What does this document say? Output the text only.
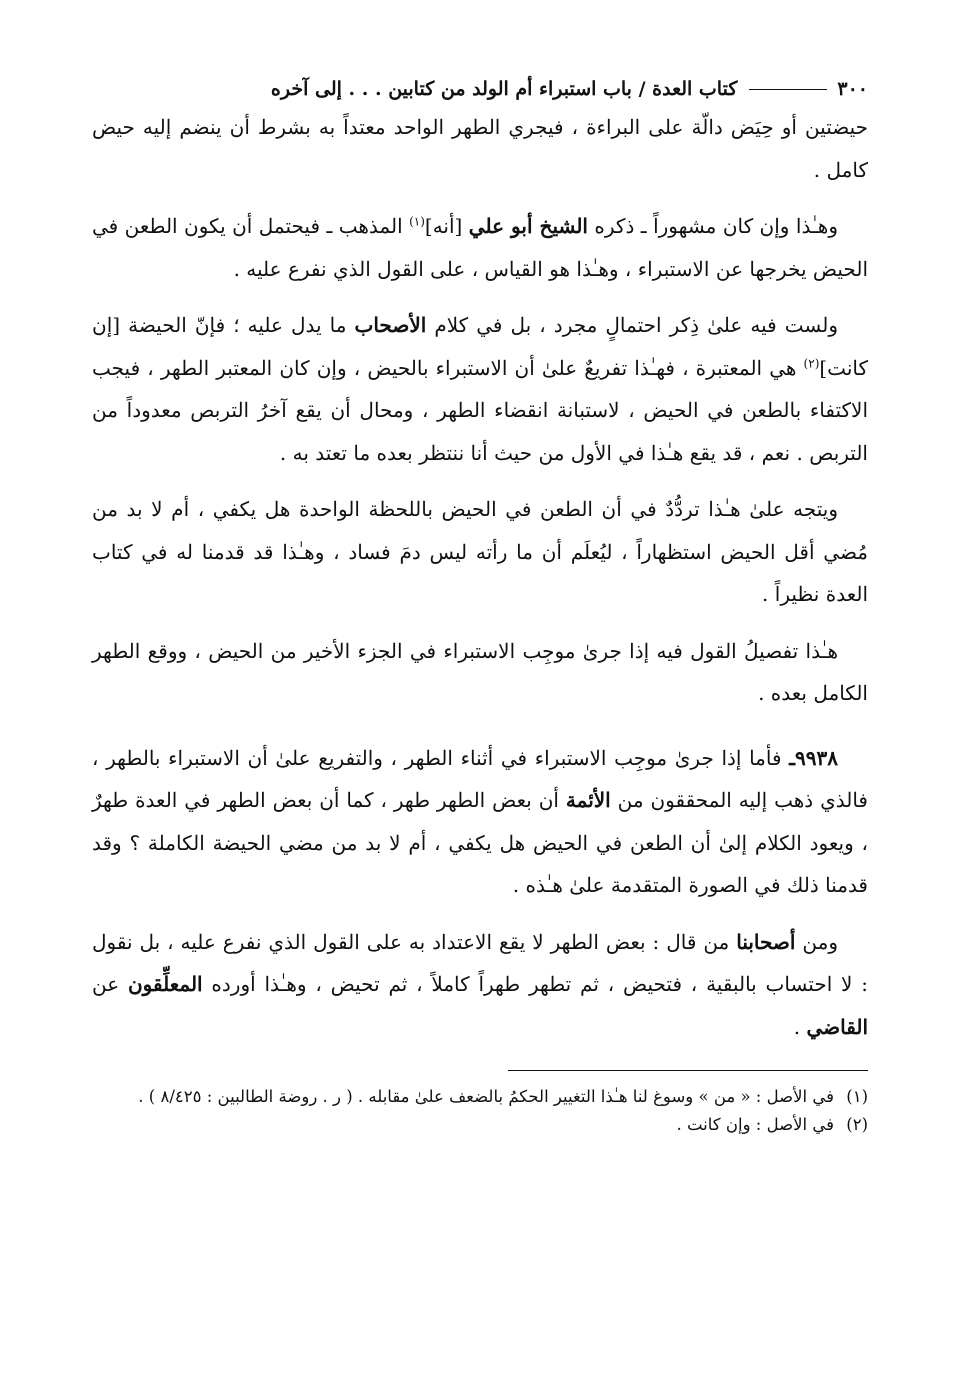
٣٠٠
كتاب العدة / باب استبراء أم الولد من كتابين . . . إلى آخره

حيضتين أو حِيَض دالّة على البراءة ، فيجري الطهر الواحد معتداً به بشرط أن ينضم إليه حيض كامل .

وهـٰذا وإن كان مشهوراً ـ ذكره الشيخ أبو علي [أنه]$^{(١)}$ المذهب ـ فيحتمل أن يكون الطعن في الحيض يخرجها عن الاستبراء ، وهـٰذا هو القياس ، على القول الذي نفرع عليه .

ولست فيه علىٰ ذِكر احتمالٍ مجرد ، بل في كلام الأصحاب ما يدل عليه ؛ فإنّ الحيضة [إن كانت]$^{(٢)}$ هي المعتبرة ، فهـٰذا تفريعٌ علىٰ أن الاستبراء بالحيض ، وإن كان المعتبر الطهر ، فيجب الاكتفاء بالطعن في الحيض ، لاستبانة انقضاء الطهر ، ومحال أن يقع آخرُ التربص معدوداً من التربص . نعم ، قد يقع هـٰذا في الأول من حيث أنا ننتظر بعده ما تعتد به .

ويتجه علىٰ هـٰذا تردُّدٌ في أن الطعن في الحيض باللحظة الواحدة هل يكفي ، أم لا بد من مُضي أقل الحيض استظهاراً ، ليُعلَم أن ما رأته ليس دمَ فساد ، وهـٰذا قد قدمنا له في كتاب العدة نظيراً .

هـٰذا تفصيلُ القول فيه إذا جرىٰ موجِب الاستبراء في الجزء الأخير من الحيض ، ووقع الطهر الكامل بعده .

٩٩٣٨ـ فأما إذا جرىٰ موجِب الاستبراء في أثناء الطهر ، والتفريع علىٰ أن الاستبراء بالطهر ، فالذي ذهب إليه المحققون من الأئمة أن بعض الطهر طهر ، كما أن بعض الطهر في العدة طهرٌ ، ويعود الكلام إلىٰ أن الطعن في الحيض هل يكفي ، أم لا بد من مضي الحيضة الكاملة ؟ وقد قدمنا ذلك في الصورة المتقدمة علىٰ هـٰذه .

ومن أصحابنا من قال : بعض الطهر لا يقع الاعتداد به على القول الذي نفرع عليه ، بل نقول : لا احتساب بالبقية ، فتحيض ، ثم تطهر طهراً كاملاً ، ثم تحيض ، وهـٰذا أورده المعلِّقون عن القاضي .

(١)
في الأصل : « من » وسوغ لنا هـٰذا التغيير الحكمُ بالضعف علىٰ مقابله . ( ر . روضة الطالبين : ٨/٤٢٥ ) .
(٢)
في الأصل : وإن كانت .
